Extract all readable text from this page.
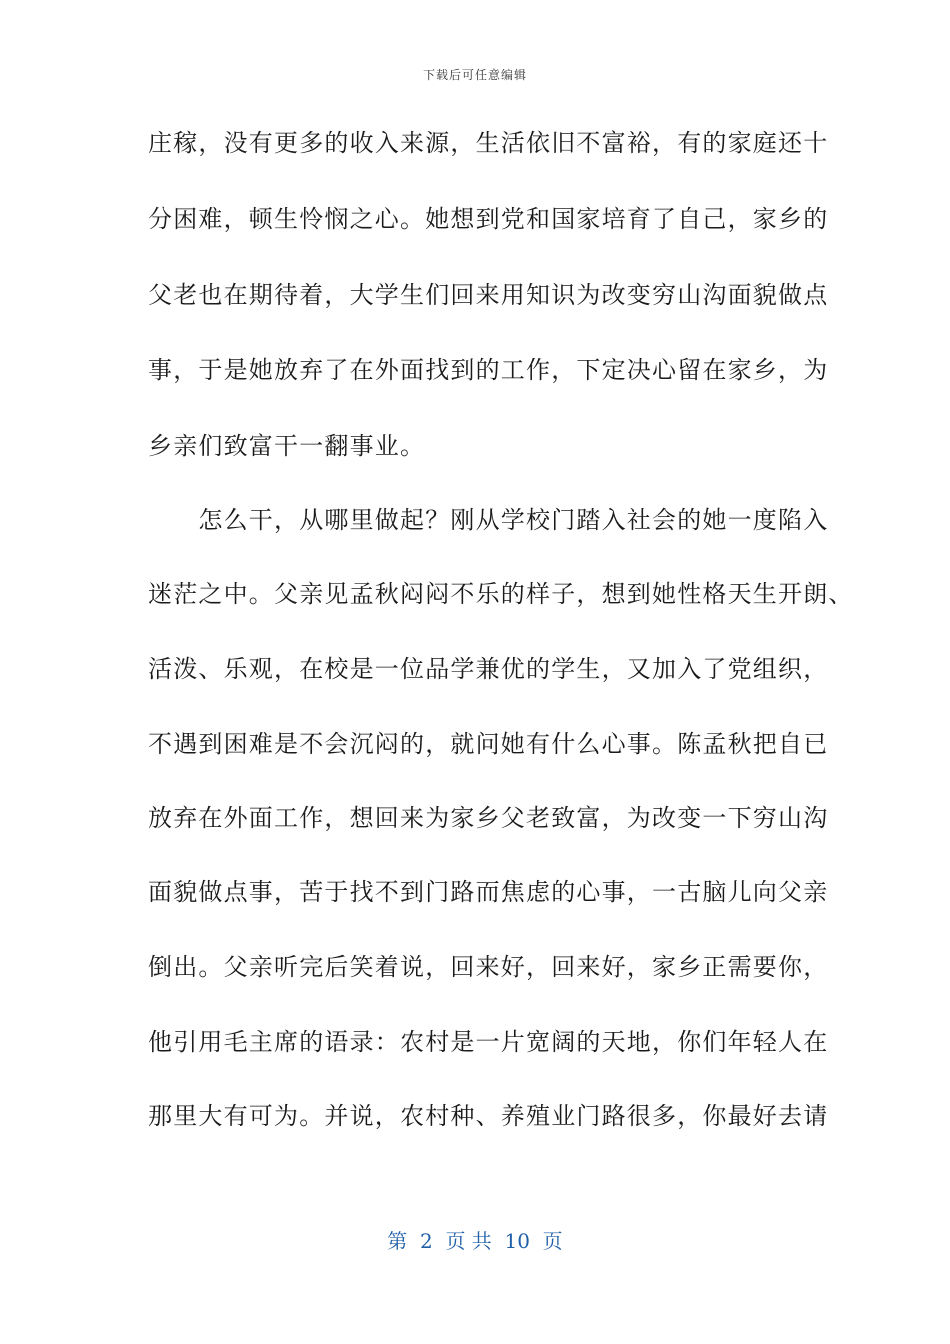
下载后可任意编辑
庄稼，没有更多的收入来源，生活依旧不富裕，有的家庭还十
分困难，顿生怜悯之心。她想到党和国家培育了自己，家乡的
父老也在期待着，大学生们回来用知识为改变穷山沟面貌做点
事，于是她放弃了在外面找到的工作，下定决心留在家乡，为
乡亲们致富干一翻事业。
　　怎么干，从哪里做起？刚从学校门踏入社会的她一度陷入
迷茫之中。父亲见孟秋闷闷不乐的样子，想到她性格天生开朗、
活泼、乐观，在校是一位品学兼优的学生，又加入了党组织，
不遇到困难是不会沉闷的，就问她有什么心事。陈孟秋把自已
放弃在外面工作，想回来为家乡父老致富，为改变一下穷山沟
面貌做点事，苦于找不到门路而焦虑的心事，一古脑儿向父亲
倒出。父亲听完后笑着说，回来好，回来好，家乡正需要你，
他引用毛主席的语录：农村是一片宽阔的天地，你们年轻人在
那里大有可为。并说，农村种、养殖业门路很多，你最好去请
第  2  页 共  10  页
